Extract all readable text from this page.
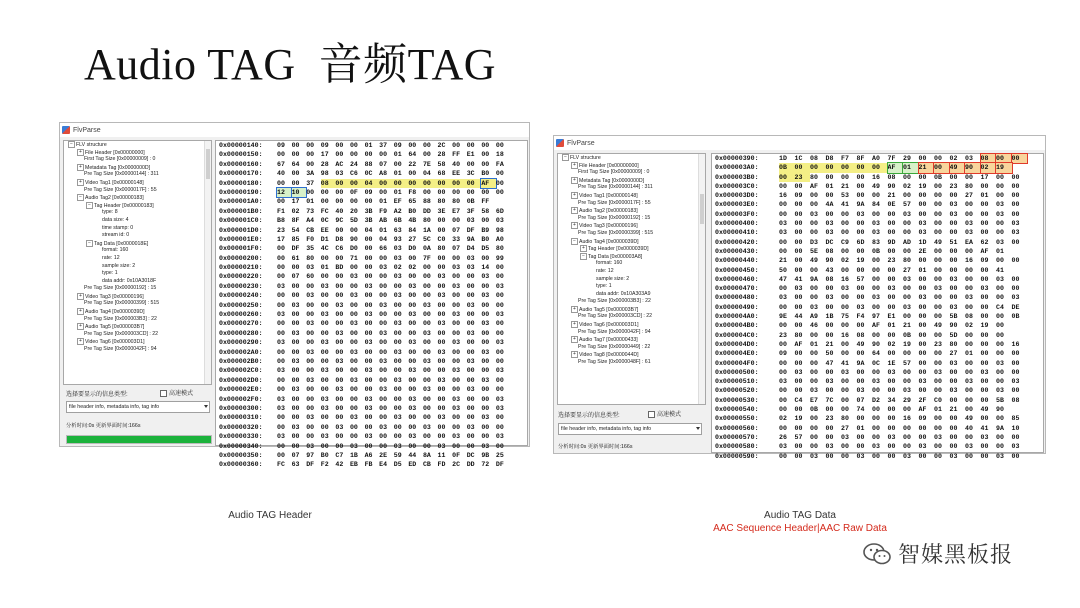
Audio TAG  音频TAG
FlvParse
− FLV structure
+ File Header [0x00000000]
First Tag Size [0x00000009] : 0
+ Metadata Tag [0x0000000D]
Pre Tag Size [0x00000144] : 311
+ Video Tag1 [0x00000148]
Pre Tag Size [0x0000017F] : 55
− Audio Tag2 [0x00000183]
− Tag Header [0x00000183]
type: 8
data size: 4
time stamp: 0
stream id: 0
− Tag Data [0x0000018E]
format: 160
rate: 12
sample size: 2
type: 1
data addr: 0x10A3018F
Pre Tag Size [0x00000192] : 15
+ Video Tag3 [0x00000196]
Pre Tag Size [0x00000399] : 515
+ Audio Tag4 [0x0000039D]
Pre Tag Size [0x000003B3] : 22
+ Audio Tag5 [0x000003B7]
Pre Tag Size [0x000003CD] : 22
+ Video Tag6 [0x000003D1]
Pre Tag Size [0x0000042F] : 94
选择要显示的信息类型:	高速模式
file header info, metadata info, tag info
分析时间:0s 更新界面时间:166s
0x00000140: 09 00 00 09 00 00 01 37 09 00 00 2C 00 00 00 00
0x00000150: 00 00 00 17 00 00 00 00 01 64 00 28 FF E1 00 18
0x00000160: 67 64 00 28 AC 24 88 07 00 22 7E 58 40 00 00 FA
0x00000170: 40 00 3A 98 03 C6 0C A8 01 00 04 68 EE 3C B0 00
0x00000180: 00 00 37 08 00 00 04 00 00 00 00 00 00 00 AF 00
0x00000190: 12 10 00 00 00 0F 09 00 01 F8 00 00 00 00 00 00
0x000001A0: 00 17 01 00 00 00 00 01 EF 65 88 80 80 0B FF
0x000001B0: F1 02 73 FC 40 20 3B F9 A2 B0 DD 3E E7 3F 58 6D
0x000001C0: B8 8F A4 0C 9C 5D 3B AB 6B 4B 80 00 00 03 00 03
0x000001D0: 23 54 CB EE 00 00 04 01 63 84 1A 00 07 DF B9 98
0x000001E0: 17 85 F0 D1 D8 90 00 04 93 27 5C C0 33 9A B0 A0
0x000001F0: 00 DF 35 4C C6 D0 00 66 03 D0 0A 80 07 D4 D5 80
0x00000200: 00 61 80 00 00 71 00 00 03 00 7F 00 00 03 00 99
0x00000210: 00 00 03 01 BD 00 00 03 02 02 00 00 03 03 14 00
0x00000220: 00 07 60 00 00 03 00 00 03 00 00 03 00 00 03 00
0x00000230: 03 00 00 03 00 00 03 00 00 03 00 00 03 00 00 03
0x00000240: 00 00 03 00 00 03 00 00 03 00 00 03 00 00 03 00
0x00000250: 00 03 00 00 03 00 00 03 00 00 03 00 00 03 00 00
0x00000260: 03 00 00 03 00 00 03 00 00 03 00 00 03 00 00 03
0x00000270: 00 00 03 00 00 03 00 00 03 00 00 03 00 00 03 00
0x00000280: 00 03 00 00 03 00 00 03 00 00 03 00 00 03 00 00
0x00000290: 03 00 00 03 00 00 03 00 00 03 00 00 03 00 00 03
0x000002A0: 00 00 03 00 00 03 00 00 03 00 00 03 00 00 03 00
0x000002B0: 00 03 00 00 03 00 00 03 00 00 03 00 00 03 00 00
0x000002C0: 03 00 00 03 00 00 03 00 00 03 00 00 03 00 00 03
0x000002D0: 00 00 03 00 00 03 00 00 03 00 00 03 00 00 03 00
0x000002E0: 00 03 00 00 03 00 00 03 00 00 03 00 00 03 00 00
0x000002F0: 03 00 00 03 00 00 03 00 00 03 00 00 03 00 00 03
0x00000300: 03 00 00 03 00 00 03 00 00 03 00 00 03 00 00 03
0x00000310: 00 00 03 00 00 03 00 00 03 00 00 03 00 00 03 00
0x00000320: 00 03 00 00 03 00 00 03 00 00 03 00 00 03 00 00
0x00000330: 03 00 00 03 00 00 03 00 00 03 00 00 03 00 00 03
0x00000340: 00 00 03 00 00 03 00 00 03 00 00 03 00 00 03 00
0x00000350: 00 07 97 B0 C7 1B A6 2E 59 44 8A 11 0F DC 9B 25
0x00000360: FC 63 DF F2 42 EB FB E4 D5 ED CB FD 2C DD 72 DF
FlvParse
− FLV structure
+ File Header [0x00000000]
First Tag Size [0x00000009] : 0
+ Metadata Tag [0x0000000D]
Pre Tag Size [0x00000144] : 311
+ Video Tag1 [0x00000148]
Pre Tag Size [0x0000017F] : 55
+ Audio Tag2 [0x00000183]
Pre Tag Size [0x00000192] : 15
+ Video Tag3 [0x00000196]
Pre Tag Size [0x00000399] : 515
− Audio Tag4 [0x0000039D]
+ Tag Header [0x0000039D]
− Tag Data [0x000003A8]
format: 160
rate: 12
sample size: 2
type: 1
data addr: 0x10A303A9
Pre Tag Size [0x000003B3] : 22
+ Audio Tag5 [0x000003B7]
Pre Tag Size [0x000003CD] : 22
+ Video Tag6 [0x000003D1]
Pre Tag Size [0x0000042F] : 94
+ Audio Tag7 [0x00000433]
Pre Tag Size [0x00000449] : 22
+ Video Tag8 [0x0000044D]
Pre Tag Size [0x0000048F] : 61
选择要显示的信息类型:	高速模式
file header info, metadata info, tag info
分析时间:0s 更新界面时间:166s
0x00000390:	1D 1C 08 D8 F7 8F A0 7F 29 00 00 02 03 08 00 00
0x000003A0:	0B 00 00 00 00 00 00 AF 01 21 00 49 90 02 19
0x000003B0:	00 23 80 00 00 00 16 08 00 00 0B 00 00 17 00 00
0x000003C0:	00 00 AF 01 21 00 49 90 02 19 00 23 80 00 00 00
0x000003D0:	16 09 00 00 53 00 00 21 00 00 00 00 27 01 00 00
0x000003E0:	00 00 00 4A 41 9A 84 0E 57 00 00 03 00 00 03 00
0x000003F0:	00 00 03 00 00 03 00 00 03 00 00 03 00 00 03 00
0x00000400:	03 00 00 03 00 00 03 00 00 03 00 00 03 00 00 03
0x00000410:	03 00 00 03 00 00 03 00 00 03 00 00 03 00 00 03
0x00000420:	00 00 D3 DC C9 6D 83 9D AD 1D 49 51 EA 62 03 00
0x00000430:	00 00 5E 08 00 00 0B 00 00 2E 00 00 00 AF 01
0x00000440:	21 00 49 90 02 19 00 23 80 00 00 00 16 09 00 00
0x00000450:	50 00 00 43 00 00 00 00 27 01 00 00 00 00 41
0x00000460:	47 41 9A 08 16 57 00 00 03 00 00 03 00 00 03 00
0x00000470:	00 03 00 00 03 00 00 03 00 00 03 00 00 03 00 00
0x00000480:	03 00 00 03 00 00 03 00 00 03 00 00 03 00 00 03
0x00000490:	00 00 03 00 00 03 00 00 03 00 00 03 00 00 C4 DE
0x000004A0:	9E 44 A9 1B 75 F4 97 E1 00 00 00 5B 08 00 00 0B
0x000004B0:	00 00 46 00 00 00 AF 01 21 00 49 90 02 19 00
0x000004C0:	23 80 00 00 16 08 00 00 0B 00 00 5D 00 00 00
0x000004D0:	00 AF 01 21 00 49 90 02 19 00 23 80 00 00 00 16
0x000004E0:	09 00 00 50 00 00 64 00 00 00 00 27 01 00 00 00
0x000004F0:	00 00 00 47 41 9A 0C 1E 57 00 00 03 00 00 03 00
0x00000500:	00 03 00 00 03 00 00 03 00 00 03 00 00 03 00 00
0x00000510:	03 00 00 03 00 00 03 00 00 03 00 00 03 00 00 03
0x00000520:	00 00 03 00 00 03 00 00 03 00 00 03 00 00 03 00
0x00000530:	00 C4 E7 7C 00 07 D2 34 29 2F C0 00 00 00 5B 08
0x00000540:	00 00 0B 00 00 74 00 00 00 AF 01 21 00 49 90
0x00000550:	02 19 00 23 80 00 00 00 16 09 00 00 49 00 00 85
0x00000560:	00 00 00 00 27 01 00 00 00 00 00 00 40 41 9A 10
0x00000570:	26 57 00 00 03 00 00 03 00 00 03 00 00 03 00 00
0x00000580:	03 00 00 03 00 00 03 00 00 03 00 00 03 00 00 03
0x00000590:	00 00 03 00 00 03 00 00 03 00 00 03 00 00 03 00
Audio TAG Header	Audio TAG Data
AAC Sequence Header|AAC Raw Data
智媒黑板报
